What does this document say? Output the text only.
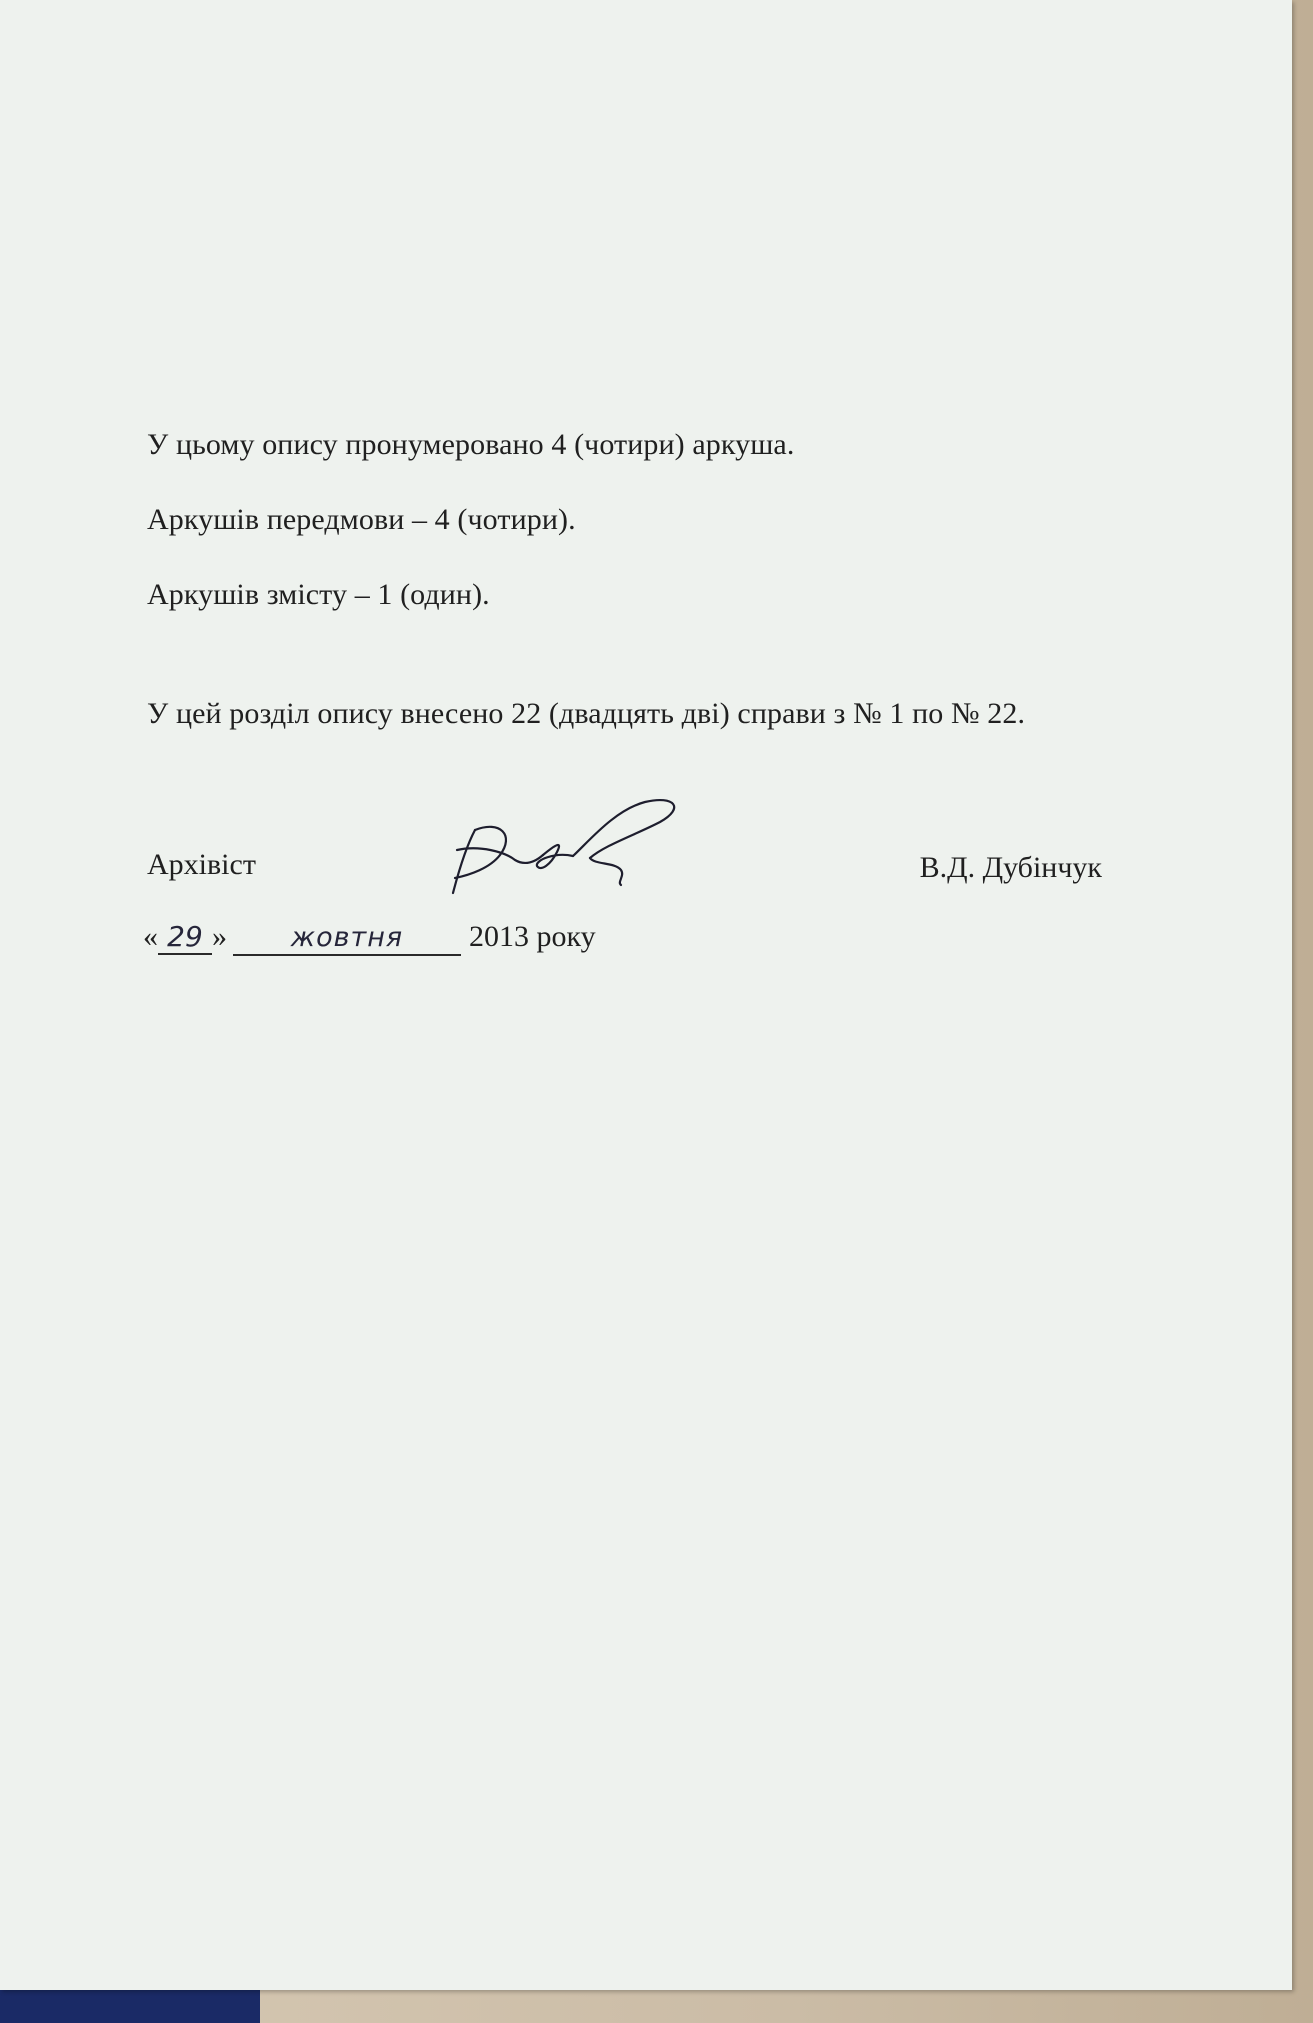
У цьому опису пронумеровано 4 (чотири) аркуша.

Аркушів передмови – 4 (чотири).

Аркушів змісту – 1 (один).

У цей розділ опису внесено 22 (двадцять дві) справи з № 1 по № 22.

Архівіст	В.Д. Дубінчук
« 29 » жовтня 2013 року
